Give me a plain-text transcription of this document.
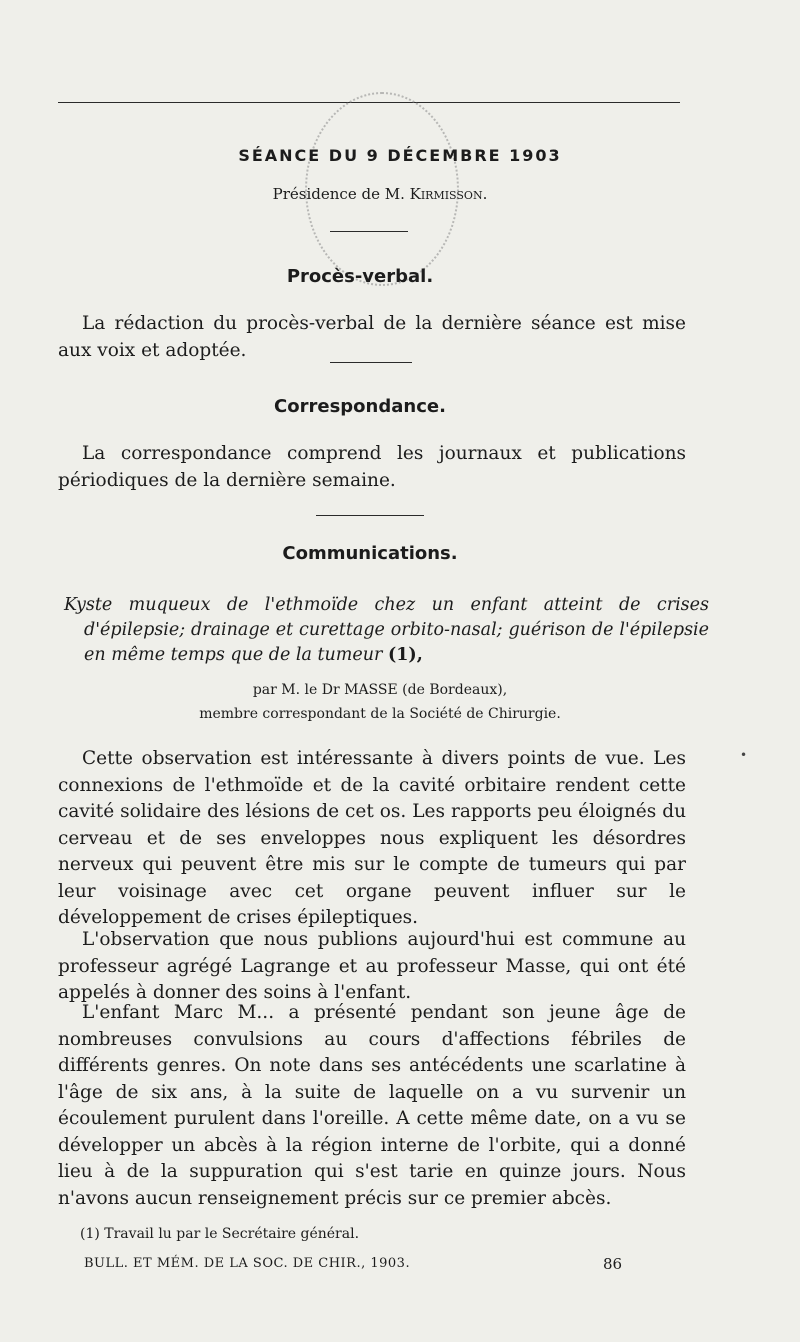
SÉANCE DU 9 DÉCEMBRE 1903
Présidence de M. Kirmisson.
Procès-verbal.

La rédaction du procès-verbal de la dernière séance est mise aux voix et adoptée.

Correspondance.

La correspondance comprend les journaux et publications périodiques de la dernière semaine.

Communications.

Kyste muqueux de l'ethmoïde chez un enfant atteint de crises d'épilepsie; drainage et curettage orbito-nasal; guérison de l'épilepsie en même temps que de la tumeur (1),

par M. le Dr MASSE (de Bordeaux),
membre correspondant de la Société de Chirurgie.

Cette observation est intéressante à divers points de vue. Les connexions de l'ethmoïde et de la cavité orbitaire rendent cette cavité solidaire des lésions de cet os. Les rapports peu éloignés du cerveau et de ses enveloppes nous expliquent les désordres nerveux qui peuvent être mis sur le compte de tumeurs qui par leur voisinage avec cet organe peuvent influer sur le développement de crises épileptiques.

L'observation que nous publions aujourd'hui est commune au professeur agrégé Lagrange et au professeur Masse, qui ont été appelés à donner des soins à l'enfant.

L'enfant Marc M... a présenté pendant son jeune âge de nombreuses convulsions au cours d'affections fébriles de différents genres. On note dans ses antécédents une scarlatine à l'âge de six ans, à la suite de laquelle on a vu survenir un écoulement purulent dans l'oreille. A cette même date, on a vu se développer un abcès à la région interne de l'orbite, qui a donné lieu à de la suppuration qui s'est tarie en quinze jours. Nous n'avons aucun renseignement précis sur ce premier abcès.

(1) Travail lu par le Secrétaire général.
BULL. ET MÉM. DE LA SOC. DE CHIR., 1903.	86
•
